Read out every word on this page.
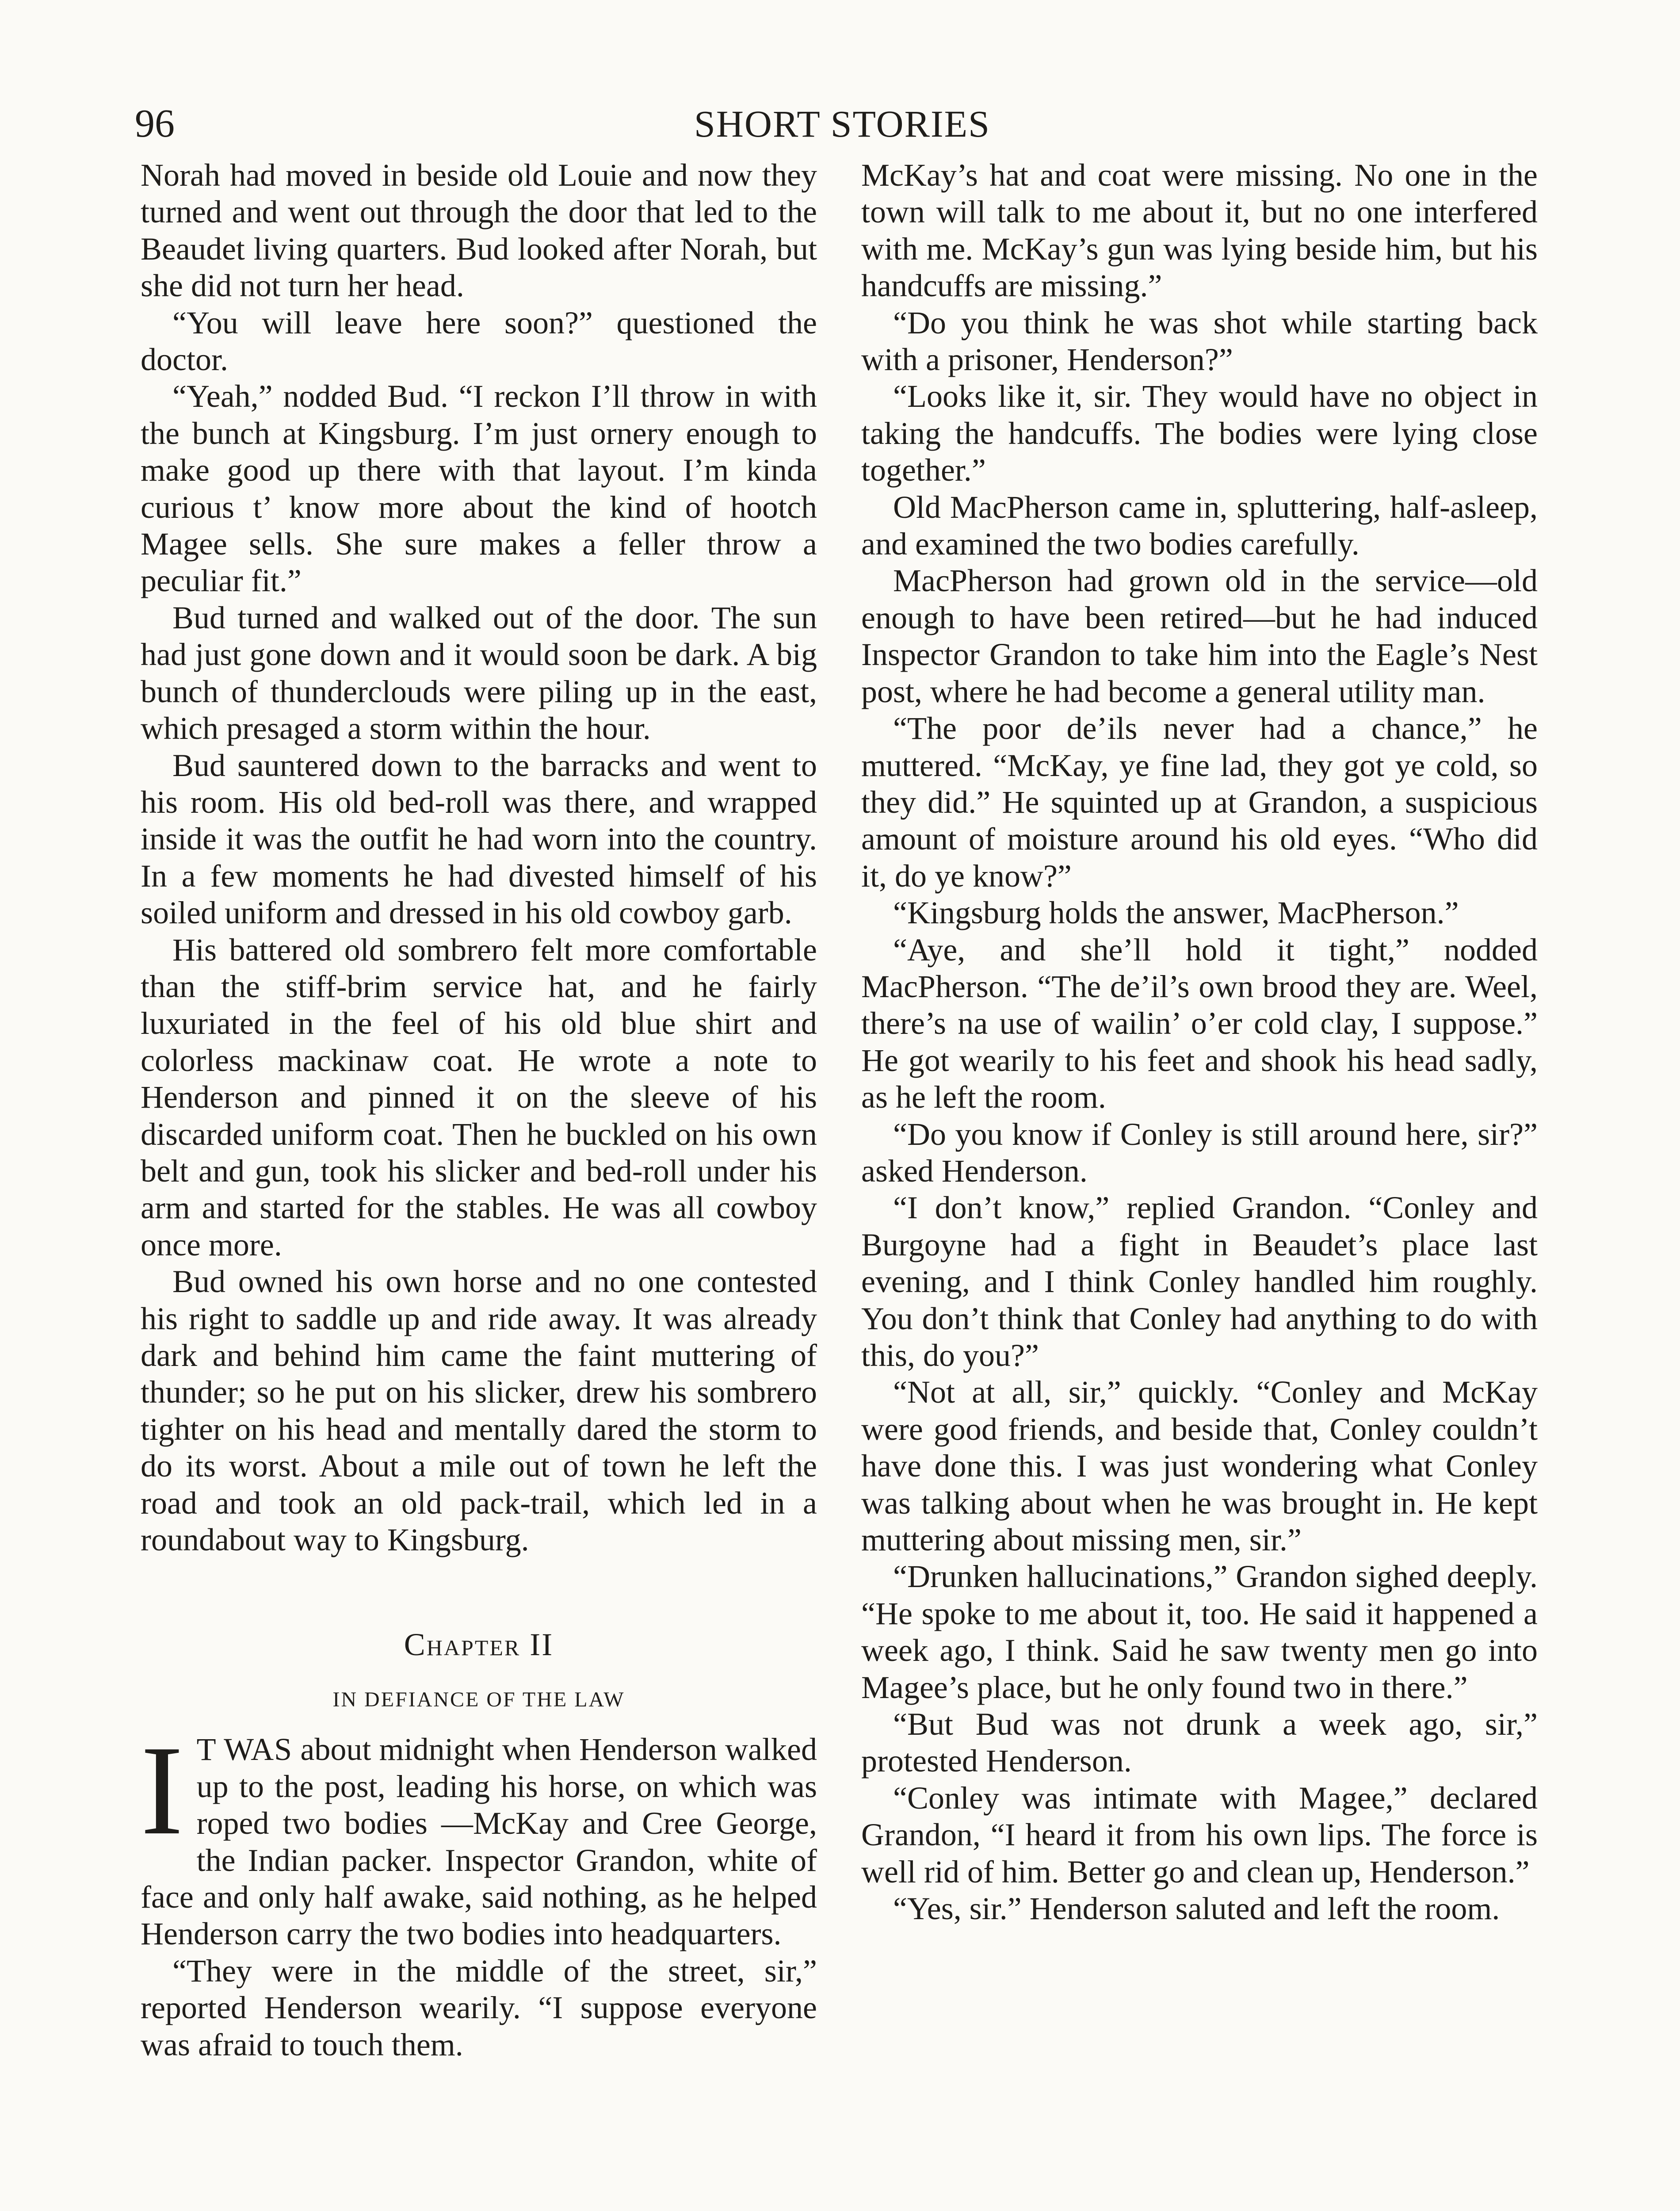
96	SHORT STORIES

Norah had moved in beside old Louie and now they turned and went out through the door that led to the Beaudet living quarters. Bud looked after Norah, but she did not turn her head.

“You will leave here soon?” questioned the doctor.

“Yeah,” nodded Bud. “I reckon I’ll throw in with the bunch at Kingsburg. I’m just ornery enough to make good up there with that layout. I’m kinda curious t’ know more about the kind of hootch Magee sells. She sure makes a feller throw a peculiar fit.”

Bud turned and walked out of the door. The sun had just gone down and it would soon be dark. A big bunch of thunderclouds were piling up in the east, which presaged a storm within the hour.

Bud sauntered down to the barracks and went to his room. His old bed-roll was there, and wrapped inside it was the outfit he had worn into the country. In a few moments he had divested himself of his soiled uniform and dressed in his old cowboy garb.

His battered old sombrero felt more comfortable than the stiff-brim service hat, and he fairly luxuriated in the feel of his old blue shirt and colorless mackinaw coat. He wrote a note to Henderson and pinned it on the sleeve of his discarded uniform coat. Then he buckled on his own belt and gun, took his slicker and bed-roll under his arm and started for the stables. He was all cowboy once more.

Bud owned his own horse and no one contested his right to saddle up and ride away. It was already dark and behind him came the faint muttering of thunder; so he put on his slicker, drew his sombrero tighter on his head and mentally dared the storm to do its worst. About a mile out of town he left the road and took an old pack-trail, which led in a roundabout way to Kingsburg.

Chapter II
IN DEFIANCE OF THE LAW

I T WAS about midnight when Henderson walked up to the post, leading his horse, on which was roped two bodies —McKay and Cree George, the Indian packer. Inspector Grandon, white of face and only half awake, said nothing, as he helped Henderson carry the two bodies into headquarters.

“They were in the middle of the street, sir,” reported Henderson wearily. “I suppose everyone was afraid to touch them.

McKay’s hat and coat were missing. No one in the town will talk to me about it, but no one interfered with me. McKay’s gun was lying beside him, but his handcuffs are missing.”

“Do you think he was shot while starting back with a prisoner, Henderson?”

“Looks like it, sir. They would have no object in taking the handcuffs. The bodies were lying close together.”

Old MacPherson came in, spluttering, half-asleep, and examined the two bodies carefully.

MacPherson had grown old in the service—old enough to have been retired—but he had induced Inspector Grandon to take him into the Eagle’s Nest post, where he had become a general utility man.

“The poor de’ils never had a chance,” he muttered. “McKay, ye fine lad, they got ye cold, so they did.” He squinted up at Grandon, a suspicious amount of moisture around his old eyes. “Who did it, do ye know?”

“Kingsburg holds the answer, MacPherson.”

“Aye, and she’ll hold it tight,” nodded MacPherson. “The de’il’s own brood they are. Weel, there’s na use of wailin’ o’er cold clay, I suppose.” He got wearily to his feet and shook his head sadly, as he left the room.

“Do you know if Conley is still around here, sir?” asked Henderson.

“I don’t know,” replied Grandon. “Conley and Burgoyne had a fight in Beaudet’s place last evening, and I think Conley handled him roughly. You don’t think that Conley had anything to do with this, do you?”

“Not at all, sir,” quickly. “Conley and McKay were good friends, and beside that, Conley couldn’t have done this. I was just wondering what Conley was talking about when he was brought in. He kept muttering about missing men, sir.”

“Drunken hallucinations,” Grandon sighed deeply. “He spoke to me about it, too. He said it happened a week ago, I think. Said he saw twenty men go into Magee’s place, but he only found two in there.”

“But Bud was not drunk a week ago, sir,” protested Henderson.

“Conley was intimate with Magee,” declared Grandon, “I heard it from his own lips. The force is well rid of him. Better go and clean up, Henderson.”

“Yes, sir.” Henderson saluted and left the room.
